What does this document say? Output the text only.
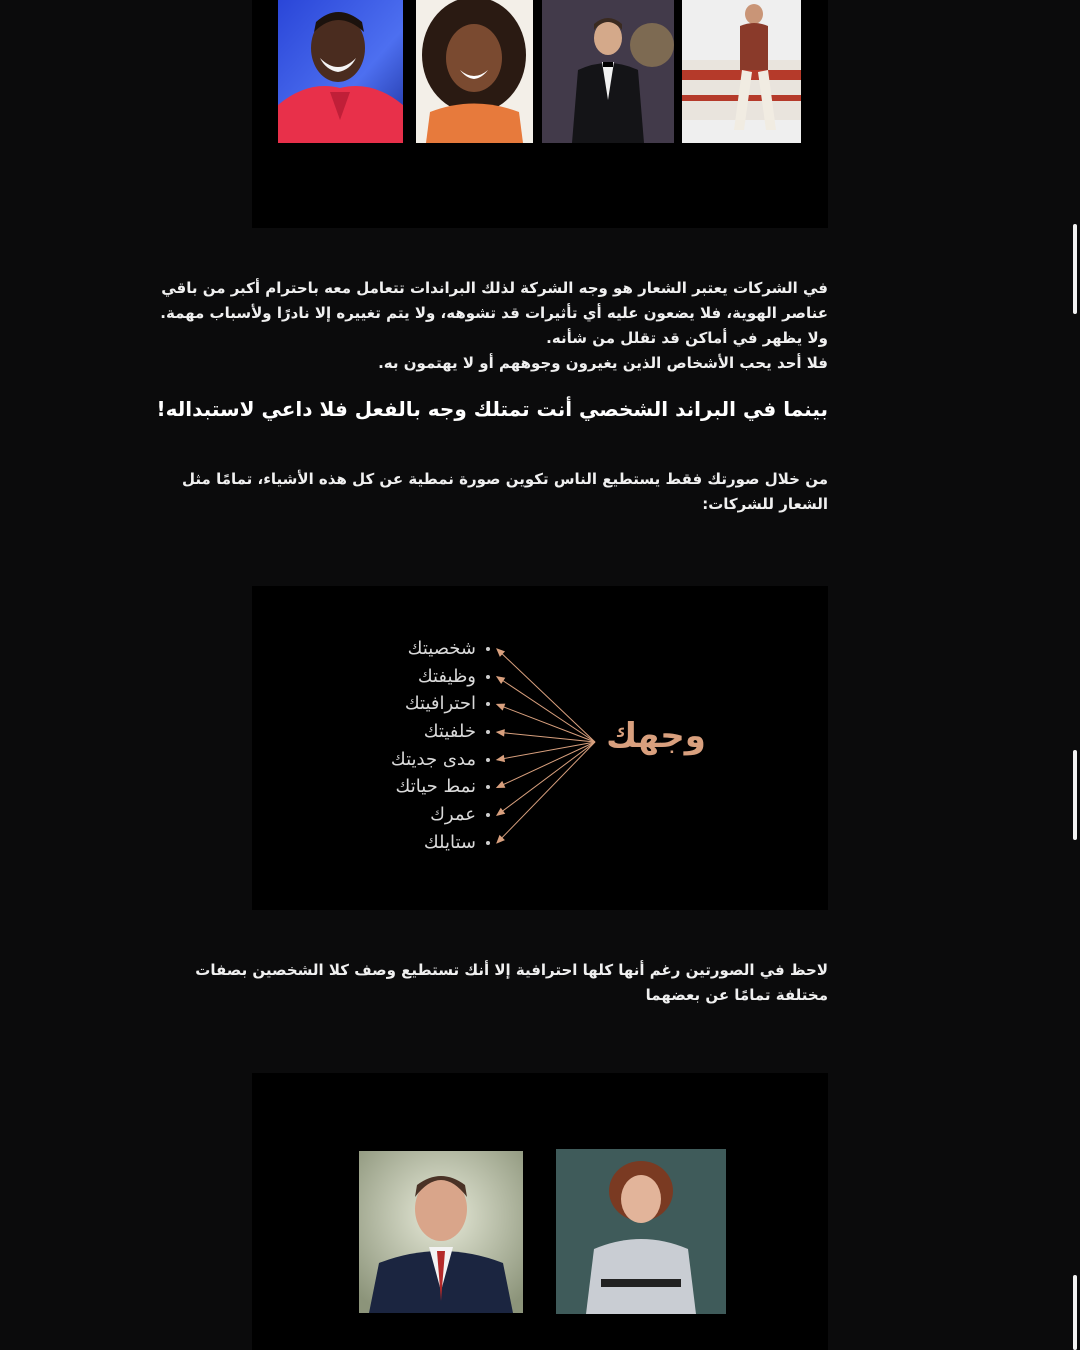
في الشركات يعتبر الشعار هو وجه الشركة لذلك البراندات تتعامل معه باحترام أكبر من باقي
عناصر الهوية، فلا يضعون عليه أي تأثيرات قد تشوهه، ولا يتم تغييره إلا نادرًا ولأسباب مهمة.
ولا يظهر في أماكن قد تقلل من شأنه.
فلا أحد يحب الأشخاص الذين يغيرون وجوههم أو لا يهتمون به.
بينما في البراند الشخصي أنت تمتلك وجه بالفعل فلا داعي لاستبداله!
من خلال صورتك فقط يستطيع الناس تكوين صورة نمطية عن كل هذه الأشياء، تمامًا مثل
الشعار للشركات:
شخصيتك
وظيفتك
احترافيتك
خلفيتك
مدى جديتك
نمط حياتك
عمرك
ستايلك
وجهك
لاحظ في الصورتين رغم أنها كلها احترافية إلا أنك تستطيع وصف كلا الشخصين بصفات
مختلفة تمامًا عن بعضهما
